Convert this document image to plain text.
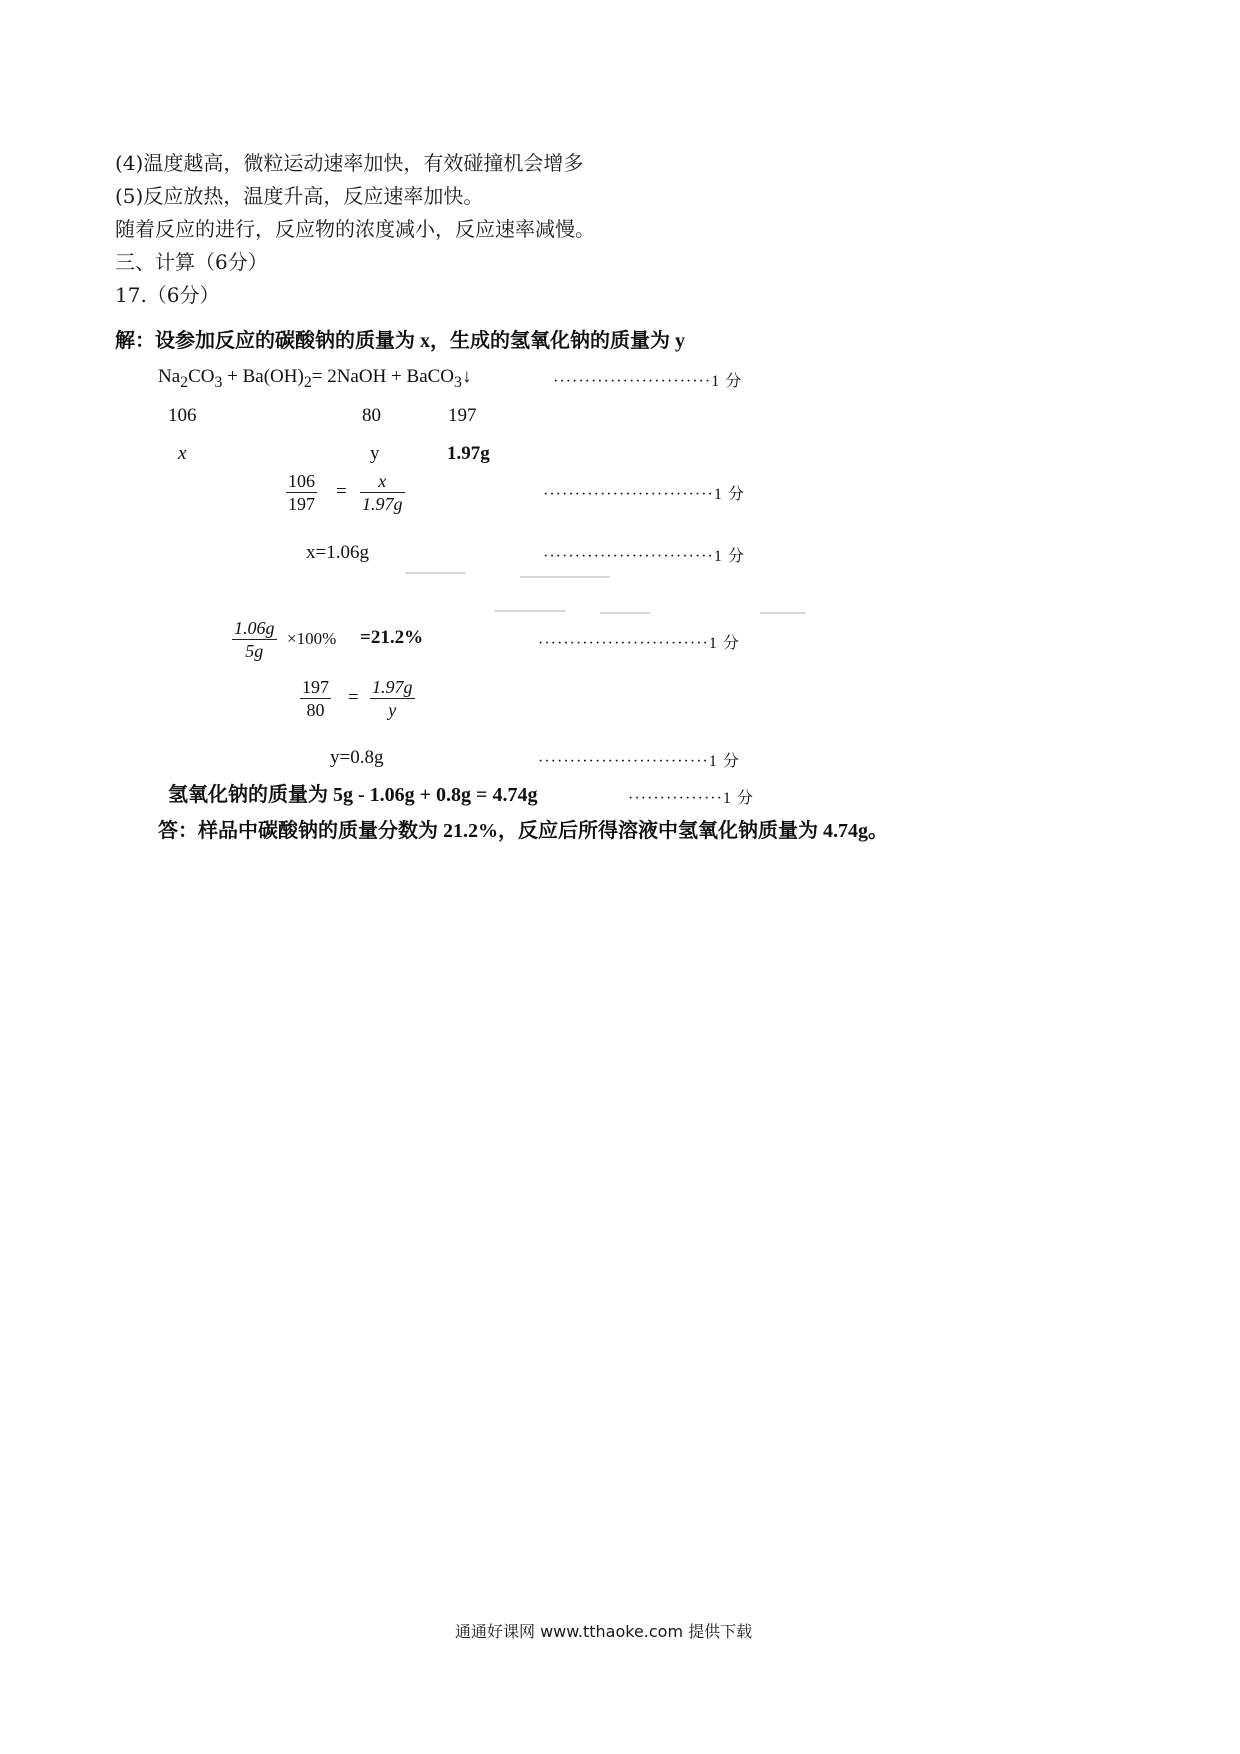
(4)温度越高，微粒运动速率加快，有效碰撞机会增多
(5)反应放热，温度升高，反应速率加快。
随着反应的进行，反应物的浓度减小，反应速率减慢。
三、计算（6分）
17.（6分）
解：设参加反应的碳酸钠的质量为 x，生成的氢氧化钠的质量为 y
$Na_2CO_3 + Ba(OH)_2=$ 2NaOH + BaCO$_3$↓	·························1 分
106	80	197
x	y	1.97g
$\frac{106}{197} = \frac{x}{1.97g}$	···························1 分
x=1.06g	···························1 分
$\frac{1.06g}{5g} \times 100\% =21.2\%$	···························1 分
$\frac{197}{80} = \frac{1.97g}{y}$
y=0.8g	···························1 分
氢氧化钠的质量为 5g - 1.06g + 0.8g = 4.74g	···············1 分
答：样品中碳酸钠的质量分数为 21.2%，反应后所得溶液中氢氧化钠质量为 4.74g。
通通好课网 www.tthaoke.com 提供下载
